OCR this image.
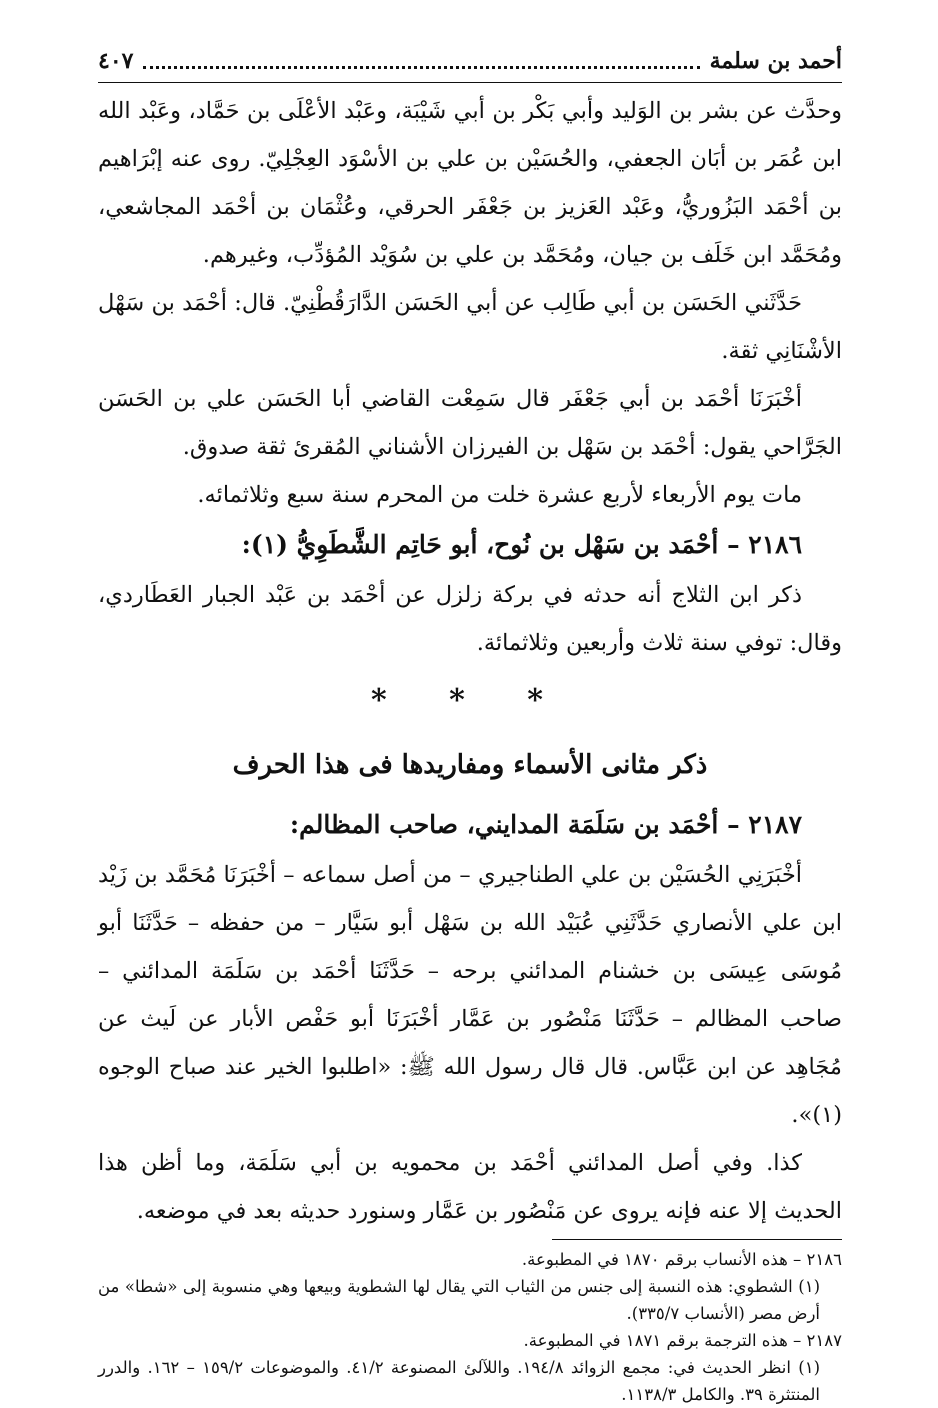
أحمد بن سلمة
٤٠٧

وحدَّث عن بشر بن الوَليد وأبي بَكْر بن أبي شَيْبَة، وعَبْد الأعْلَى بن حَمَّاد، وعَبْد الله ابن عُمَر بن أبَان الجعفي، والحُسَيْن بن علي بن الأسْوَد العِجْلِيّ. روى عنه إبْرَاهيم بن أحْمَد البَزُوريُّ، وعَبْد العَزيز بن جَعْفَر الحرقي، وعُثْمَان بن أحْمَد المجاشعي، ومُحَمَّد ابن خَلَف بن جيان، ومُحَمَّد بن علي بن سُوَيْد المُؤدِّب، وغيرهم.

حَدَّثَني الحَسَن بن أبي طَالِب عن أبي الحَسَن الدَّارَقُطْنِيّ. قال: أحْمَد بن سَهْل الأشْنَانِي ثقة.

أخْبَرَنَا أحْمَد بن أبي جَعْفَر قال سَمِعْت القاضي أبا الحَسَن علي بن الحَسَن الجَرَّاحي يقول: أحْمَد بن سَهْل بن الفيرزان الأشناني المُقرئ ثقة صدوق.

مات يوم الأربعاء لأربع عشرة خلت من المحرم سنة سبع وثلاثمائه.

٢١٨٦ – أحْمَد بن سَهْل بن نُوح، أبو حَاتِم الشَّطَوِيُّ (١):

ذكر ابن الثلاج أنه حدثه في بركة زلزل عن أحْمَد بن عَبْد الجبار العَطَاردي، وقال: توفي سنة ثلاث وأربعين وثلاثمائة.

* * *
ذكر مثانى الأسماء ومفاريدها فى هذا الحرف

٢١٨٧ – أحْمَد بن سَلَمَة المدايني، صاحب المظالم:

أخْبَرَنِي الحُسَيْن بن علي الطناجيري – من أصل سماعه – أخْبَرَنَا مُحَمَّد بن زَيْد ابن علي الأنصاري حَدَّثَنِي عُبَيْد الله بن سَهْل أبو سَيَّار – من حفظه – حَدَّثَنَا أبو مُوسَى عِيسَى بن خشنام المدائني برحه – حَدَّثَنَا أحْمَد بن سَلَمَة المدائني – صاحب المظالم – حَدَّثَنَا مَنْصُور بن عَمَّار أخْبَرَنَا أبو حَفْص الأبار عن لَيث عن مُجَاهِد عن ابن عَبَّاس. قال قال رسول الله ﷺ: «اطلبوا الخير عند صباح الوجوه (١)».

كذا. وفي أصل المدائني أحْمَد بن محمويه بن أبي سَلَمَة، وما أظن هذا الحديث إلا عنه فإنه يروى عن مَنْصُور بن عَمَّار وسنورد حديثه بعد في موضعه.

٢١٨٦ – هذه الأنساب برقم ١٨٧٠ في المطبوعة.

(١) الشطوي: هذه النسبة إلى جنس من الثياب التي يقال لها الشطوية وبيعها وهي منسوبة إلى «شطا» من أرض مصر (الأنساب ٣٣٥/٧).

٢١٨٧ – هذه الترجمة برقم ١٨٧١ في المطبوعة.

(١) انظر الحديث في: مجمع الزوائد ١٩٤/٨. واللآلئ المصنوعة ٤١/٢. والموضوعات ١٥٩/٢ – ١٦٢. والدرر المنتثرة ٣٩. والكامل ١١٣٨/٣.
